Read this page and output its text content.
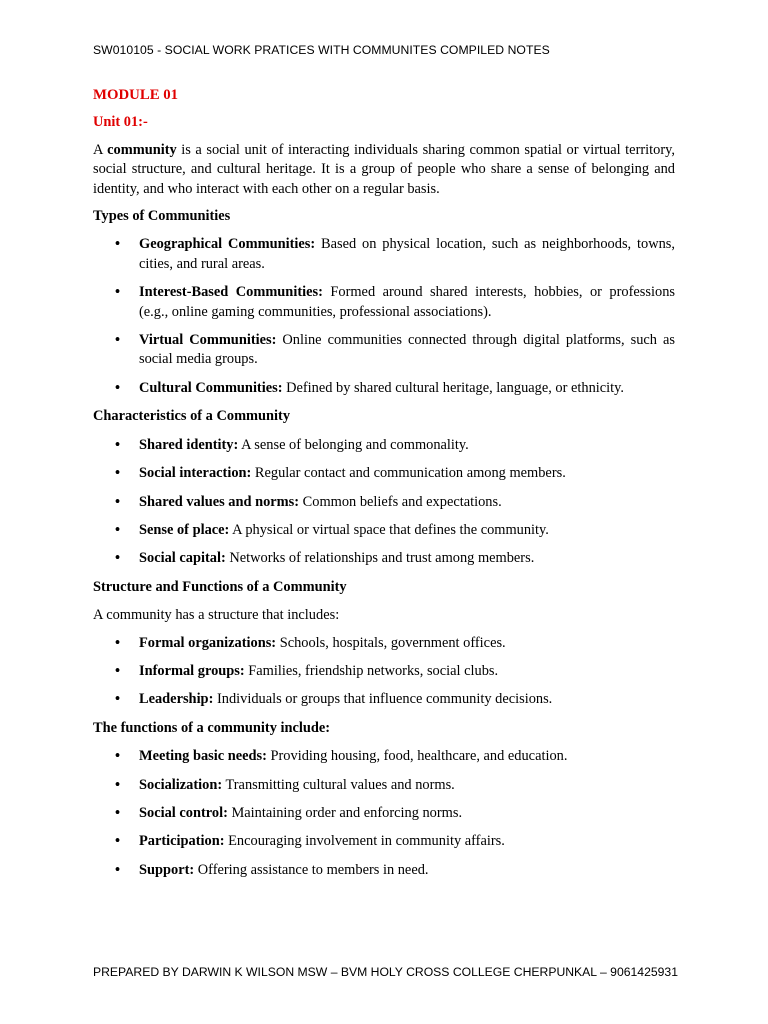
SW010105 - SOCIAL WORK PRATICES WITH COMMUNITES COMPILED NOTES
MODULE 01
Unit 01:-

A community is a social unit of interacting individuals sharing common spatial or virtual territory, social structure, and cultural heritage. It is a group of people who share a sense of belonging and identity, and who interact with each other on a regular basis.

Types of Communities
• Geographical Communities: Based on physical location, such as neighborhoods, towns, cities, and rural areas.
• Interest-Based Communities: Formed around shared interests, hobbies, or professions (e.g., online gaming communities, professional associations).
• Virtual Communities: Online communities connected through digital platforms, such as social media groups.
• Cultural Communities: Defined by shared cultural heritage, language, or ethnicity.
Characteristics of a Community
• Shared identity: A sense of belonging and commonality.
• Social interaction: Regular contact and communication among members.
• Shared values and norms: Common beliefs and expectations.
• Sense of place: A physical or virtual space that defines the community.
• Social capital: Networks of relationships and trust among members.
Structure and Functions of a Community

A community has a structure that includes:

• Formal organizations: Schools, hospitals, government offices.
• Informal groups: Families, friendship networks, social clubs.
• Leadership: Individuals or groups that influence community decisions.
The functions of a community include:
• Meeting basic needs: Providing housing, food, healthcare, and education.
• Socialization: Transmitting cultural values and norms.
• Social control: Maintaining order and enforcing norms.
• Participation: Encouraging involvement in community affairs.
• Support: Offering assistance to members in need.
PREPARED BY DARWIN K WILSON MSW – BVM HOLY CROSS COLLEGE CHERPUNKAL – 9061425931
